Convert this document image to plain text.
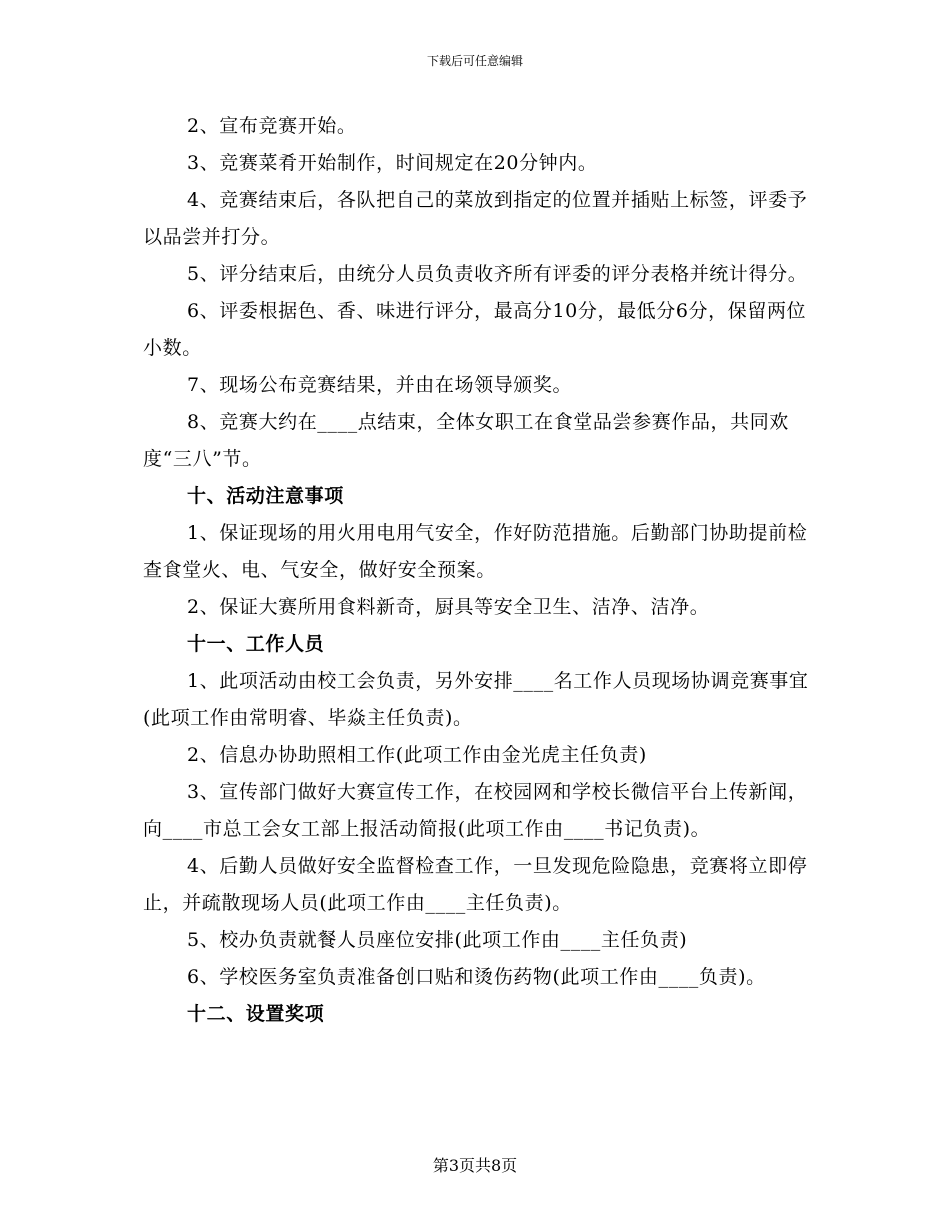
下载后可任意编辑

2、宣布竞赛开始。

3、竞赛菜肴开始制作，时间规定在20分钟内。

4、竞赛结束后，各队把自己的菜放到指定的位置并插贴上标签，评委予以品尝并打分。

5、评分结束后，由统分人员负责收齐所有评委的评分表格并统计得分。

6、评委根据色、香、味进行评分，最高分10分，最低分6分，保留两位小数。

7、现场公布竞赛结果，并由在场领导颁奖。

8、竞赛大约在____点结束，全体女职工在食堂品尝参赛作品，共同欢度“三八”节。

十、活动注意事项

1、保证现场的用火用电用气安全，作好防范措施。后勤部门协助提前检查食堂火、电、气安全，做好安全预案。

2、保证大赛所用食料新奇，厨具等安全卫生、洁净、洁净。

十一、工作人员

1、此项活动由校工会负责，另外安排____名工作人员现场协调竞赛事宜(此项工作由常明睿、毕焱主任负责)。

2、信息办协助照相工作(此项工作由金光虎主任负责)

3、宣传部门做好大赛宣传工作，在校园网和学校长微信平台上传新闻，向____市总工会女工部上报活动简报(此项工作由____书记负责)。

4、后勤人员做好安全监督检查工作，一旦发现危险隐患，竞赛将立即停止，并疏散现场人员(此项工作由____主任负责)。

5、校办负责就餐人员座位安排(此项工作由____主任负责)

6、学校医务室负责准备创口贴和烫伤药物(此项工作由____负责)。

十二、设置奖项

第3页共8页
